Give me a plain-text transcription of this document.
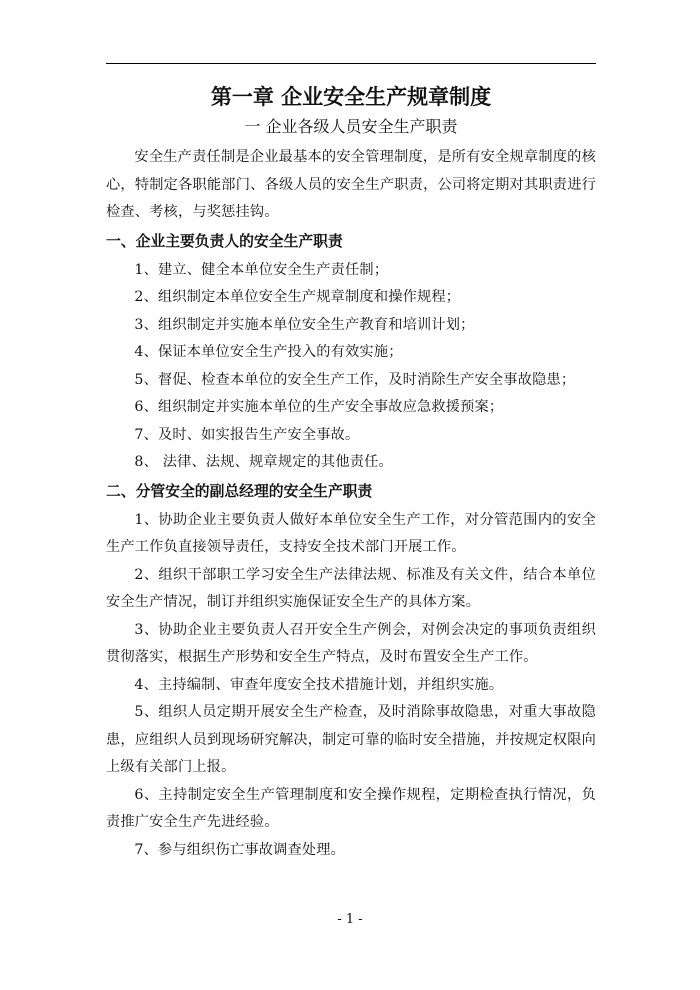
第一章 企业安全生产规章制度

一 企业各级人员安全生产职责

安全生产责任制是企业最基本的安全管理制度，是所有安全规章制度的核心，特制定各职能部门、各级人员的安全生产职责，公司将定期对其职责进行检查、考核，与奖惩挂钩。

一、企业主要负责人的安全生产职责

1、建立、健全本单位安全生产责任制；

2、组织制定本单位安全生产规章制度和操作规程；

3、组织制定并实施本单位安全生产教育和培训计划；

4、保证本单位安全生产投入的有效实施；

5、督促、检查本单位的安全生产工作，及时消除生产安全事故隐患；

6、组织制定并实施本单位的生产安全事故应急救援预案；

7、及时、如实报告生产安全事故。

8、 法律、法规、规章规定的其他责任。

二、分管安全的副总经理的安全生产职责

1、协助企业主要负责人做好本单位安全生产工作，对分管范围内的安全生产工作负直接领导责任，支持安全技术部门开展工作。

2、组织干部职工学习安全生产法律法规、标准及有关文件，结合本单位安全生产情况，制订并组织实施保证安全生产的具体方案。

3、协助企业主要负责人召开安全生产例会，对例会决定的事项负责组织贯彻落实，根据生产形势和安全生产特点，及时布置安全生产工作。

4、主持编制、审查年度安全技术措施计划，并组织实施。

5、组织人员定期开展安全生产检查，及时消除事故隐患，对重大事故隐患，应组织人员到现场研究解决，制定可靠的临时安全措施，并按规定权限向上级有关部门上报。

6、主持制定安全生产管理制度和安全操作规程，定期检查执行情况，负责推广安全生产先进经验。

7、参与组织伤亡事故调查处理。

- 1 -
